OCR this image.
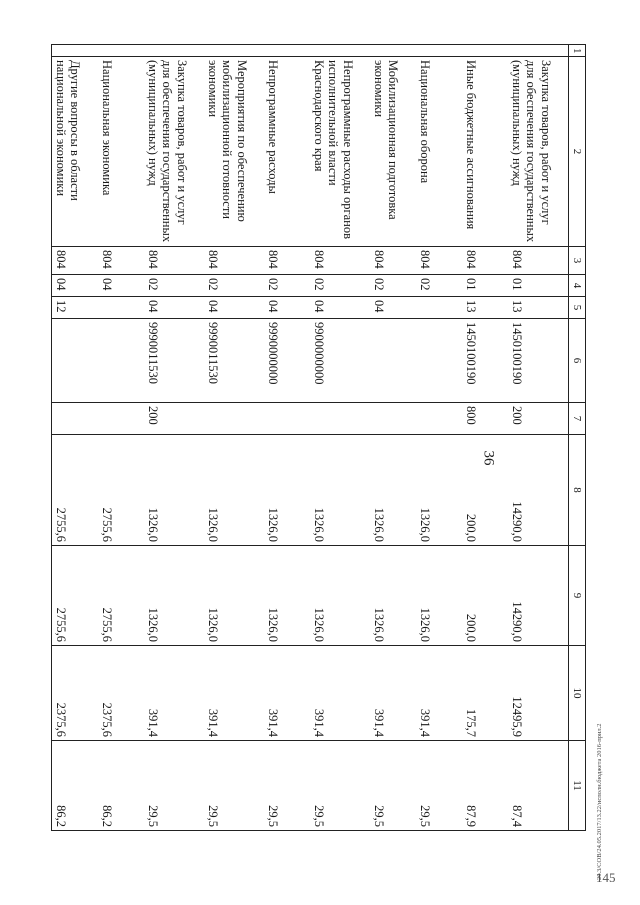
145
20.3/СОВ/24.05.2017/13.22/исполн.бюджета 2016-прил.2
36
1	2	3	4	5	6	7	8	9	10	11
	Закупка товаров, работ и услуг для обеспечения государственных (муниципальных) нужд	804	01	13	1450100190	200	14290,0	14290,0	12495,9	87,4
	Иные бюджетные ассигнования	804	01	13	1450100190	800	200,0	200,0	175,7	87,9
	Национальная оборона	804	02				1326,0	1326,0	391,4	29,5
	Мобилизационная подготовка экономики	804	02	04			1326,0	1326,0	391,4	29,5
	Непрограммные расходы органов исполнительной власти Краснодарского края	804	02	04	9900000000		1326,0	1326,0	391,4	29,5
	Непрограммные расходы	804	02	04	9990000000		1326,0	1326,0	391,4	29,5
	Мероприятия по обеспечению мобилизационной готовности экономики	804	02	04	9990011530		1326,0	1326,0	391,4	29,5
	Закупка товаров, работ и услуг для обеспечения государственных (муниципальных) нужд	804	02	04	9990011530	200	1326,0	1326,0	391,4	29,5
	Национальная экономика	804	04				2755,6	2755,6	2375,6	86,2
	Другие вопросы в области национальной экономики	804	04	12			2755,6	2755,6	2375,6	86,2
